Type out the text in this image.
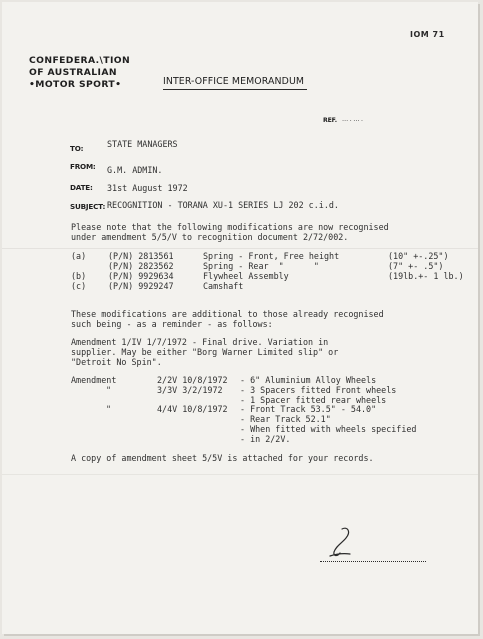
IOM 71
CONFEDERA.\TION
OF AUSTRALIAN
•MOTOR SPORT•	INTER-OFFICE MEMORANDUM
REF. … . … .
TO:	STATE MANAGERS
FROM: G.M. ADMIN.
DATE: 31st August 1972
SUBJECT: RECOGNITION - TORANA XU-1 SERIES LJ 202 c.i.d.
Please note that the following modifications are now recognised
under amendment 5/5/V to recognition document 2/72/002.
(a)	(P/N) 2813561	Spring - Front, Free height	(10" +-.25")
(P/N) 2823562	Spring - Rear  "      "	(7" +- .5")
(b)	(P/N) 9929634	Flywheel Assembly	(19lb.+- 1 lb.)
(c)	(P/N) 9929247	Camshaft
These modifications are additional to those already recognised
such being - as a reminder - as follows:
Amendment 1/IV 1/7/1972 - Final drive. Variation in
supplier. May be either "Borg Warner Limited slip" or
"Detroit No Spin".
Amendment	2/2V 10/8/1972 - 6" Aluminium Alloy Wheels
"	3/3V 3/2/1972 - 3 Spacers fitted Front wheels
- 1 Spacer fitted rear wheels
"	4/4V 10/8/1972 - Front Track 53.5" - 54.0"
- Rear Track 52.1"
- When fitted with wheels specified
- in 2/2V.
A copy of amendment sheet 5/5V is attached for your records.
